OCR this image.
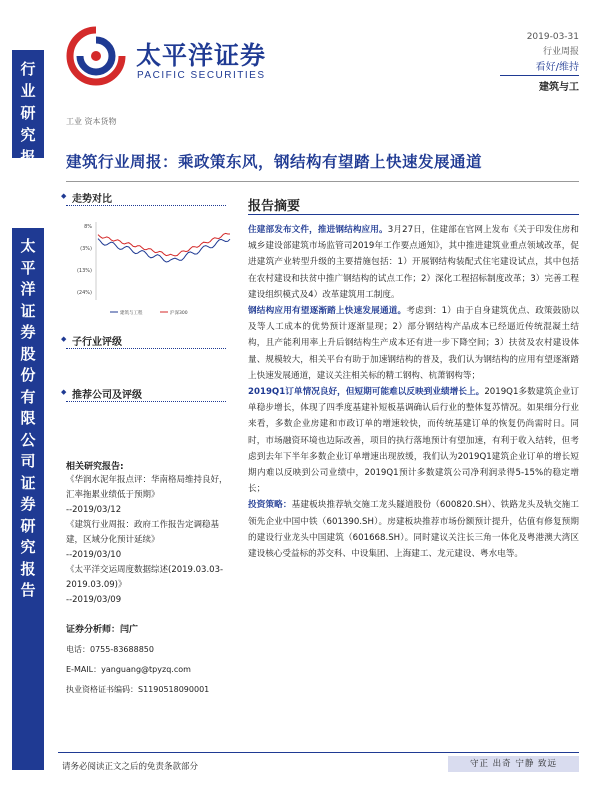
太平洋证券
PACIFIC SECURITIES
2019-03-31
行业周报
看好/维持
建筑与工
行
业
研
究
报
告
太
平
洋
证
券
股
份
有
限
公
司
证
券
研
究
报
告
工业 资本货物
建筑行业周报：乘政策东风，钢结构有望踏上快速发展通道
◆ 走势对比
8%
(3%)
(13%)
(24%)
建筑与工程	沪深300
◆ 子行业评级
◆ 推荐公司及评级
相关研究报告:
《华润水泥年报点评：华南格局维持良好，汇率拖累业绩低于预期》
--2019/03/12
《建筑行业周报：政府工作报告定调稳基建，区域分化预计延续》
--2019/03/10
《太平洋交运周度数据综述(2019.03.03-2019.03.09)》
--2019/03/09
证券分析师：闫广
电话：0755-83688850
E-MAIL：yanguang@tpyzq.com
执业资格证书编码：S1190518090001
报告摘要

住建部发布文件，推进钢结构应用。3月27日，住建部在官网上发布《关于印发住房和城乡建设部建筑市场监管司2019年工作要点通知》，其中推进建筑业重点领域改革，促进建筑产业转型升级的主要措施包括：1）开展钢结构装配式住宅建设试点，其中包括在农村建设和扶贫中推广钢结构的试点工作；2）深化工程招标制度改革；3）完善工程建设组织模式及4）改革建筑用工制度。

钢结构应用有望逐渐踏上快速发展通道。考虑到：1）由于自身建筑优点、政策鼓励以及等人工成本的优势预计逐渐显现；2）部分钢结构产品成本已经逼近传统混凝土结构，且产能利用率上升后钢结构生产成本还有进一步下降空间；3）扶贫及农村建设体量、规模较大，相关平台有助于加速钢结构的普及，我们认为钢结构的应用有望逐渐踏上快速发展通道，建议关注相关标的精工钢构、杭萧钢构等；

2019Q1订单情况良好，但短期可能难以反映到业绩增长上。2019Q1多数建筑企业订单稳步增长，体现了四季度基建补短板基调确认后行业的整体复苏情况。如果细分行业来看，多数企业房建和市政订单的增速较快，而传统基建订单的恢复仍尚需时日。同时，市场融资环境也边际改善，项目的执行落地预计有望加速，有利于收入结转，但考虑到去年下半年多数企业订单增速出现放缓，我们认为2019Q1建筑企业订单的增长短期内难以反映到公司业绩中，2019Q1预计多数建筑公司净利润录得5-15%的稳定增长；

投资策略：基建板块推荐轨交施工龙头隧道股份（600820.SH）、铁路龙头及轨交施工领先企业中国中铁（601390.SH）。房建板块推荐市场份额预计提升，估值有修复预期的建设行业龙头中国建筑（601668.SH）。同时建议关注长三角一体化及粤港澳大湾区建设核心受益标的苏交科、中设集团、上海建工、龙元建设、粤水电等。

请务必阅读正文之后的免责条款部分	守正 出奇 宁静 致远
